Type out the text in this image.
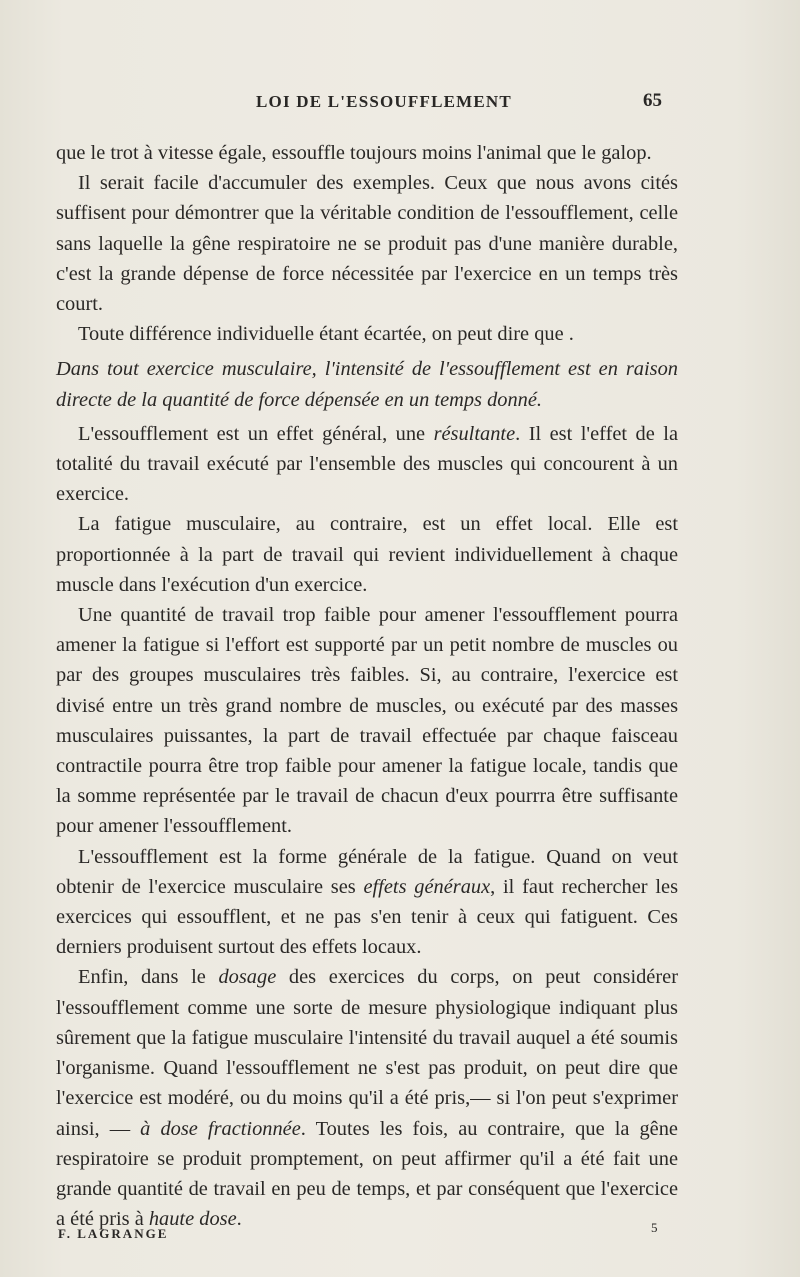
LOI DE L'ESSOUFFLEMENT	65

que le trot à vitesse égale, essouffle toujours moins l'animal que le galop.

Il serait facile d'accumuler des exemples. Ceux que nous avons cités suffisent pour démontrer que la véritable condition de l'essoufflement, celle sans laquelle la gêne respiratoire ne se produit pas d'une manière durable, c'est la grande dépense de force nécessitée par l'exercice en un temps très court.

Toute différence individuelle étant écartée, on peut dire que .

Dans tout exercice musculaire, l'intensité de l'essoufflement est en raison directe de la quantité de force dépensée en un temps donné.

L'essoufflement est un effet général, une résultante. Il est l'effet de la totalité du travail exécuté par l'ensemble des muscles qui concourent à un exercice.

La fatigue musculaire, au contraire, est un effet local. Elle est proportionnée à la part de travail qui revient individuellement à chaque muscle dans l'exécution d'un exercice.

Une quantité de travail trop faible pour amener l'essoufflement pourra amener la fatigue si l'effort est supporté par un petit nombre de muscles ou par des groupes musculaires très faibles. Si, au contraire, l'exercice est divisé entre un très grand nombre de muscles, ou exécuté par des masses musculaires puissantes, la part de travail effectuée par chaque faisceau contractile pourra être trop faible pour amener la fatigue locale, tandis que la somme représentée par le travail de chacun d'eux pourrra être suffisante pour amener l'essoufflement.

L'essoufflement est la forme générale de la fatigue. Quand on veut obtenir de l'exercice musculaire ses effets généraux, il faut rechercher les exercices qui essoufflent, et ne pas s'en tenir à ceux qui fatiguent. Ces derniers produisent surtout des effets locaux.

Enfin, dans le dosage des exercices du corps, on peut considérer l'essoufflement comme une sorte de mesure physiologique indiquant plus sûrement que la fatigue musculaire l'intensité du travail auquel a été soumis l'organisme. Quand l'essoufflement ne s'est pas produit, on peut dire que l'exercice est modéré, ou du moins qu'il a été pris,— si l'on peut s'exprimer ainsi, — à dose fractionnée. Toutes les fois, au contraire, que la gêne respiratoire se produit promptement, on peut affirmer qu'il a été fait une grande quantité de travail en peu de temps, et par conséquent que l'exercice a été pris à haute dose.

F. LAGRANGE	5
